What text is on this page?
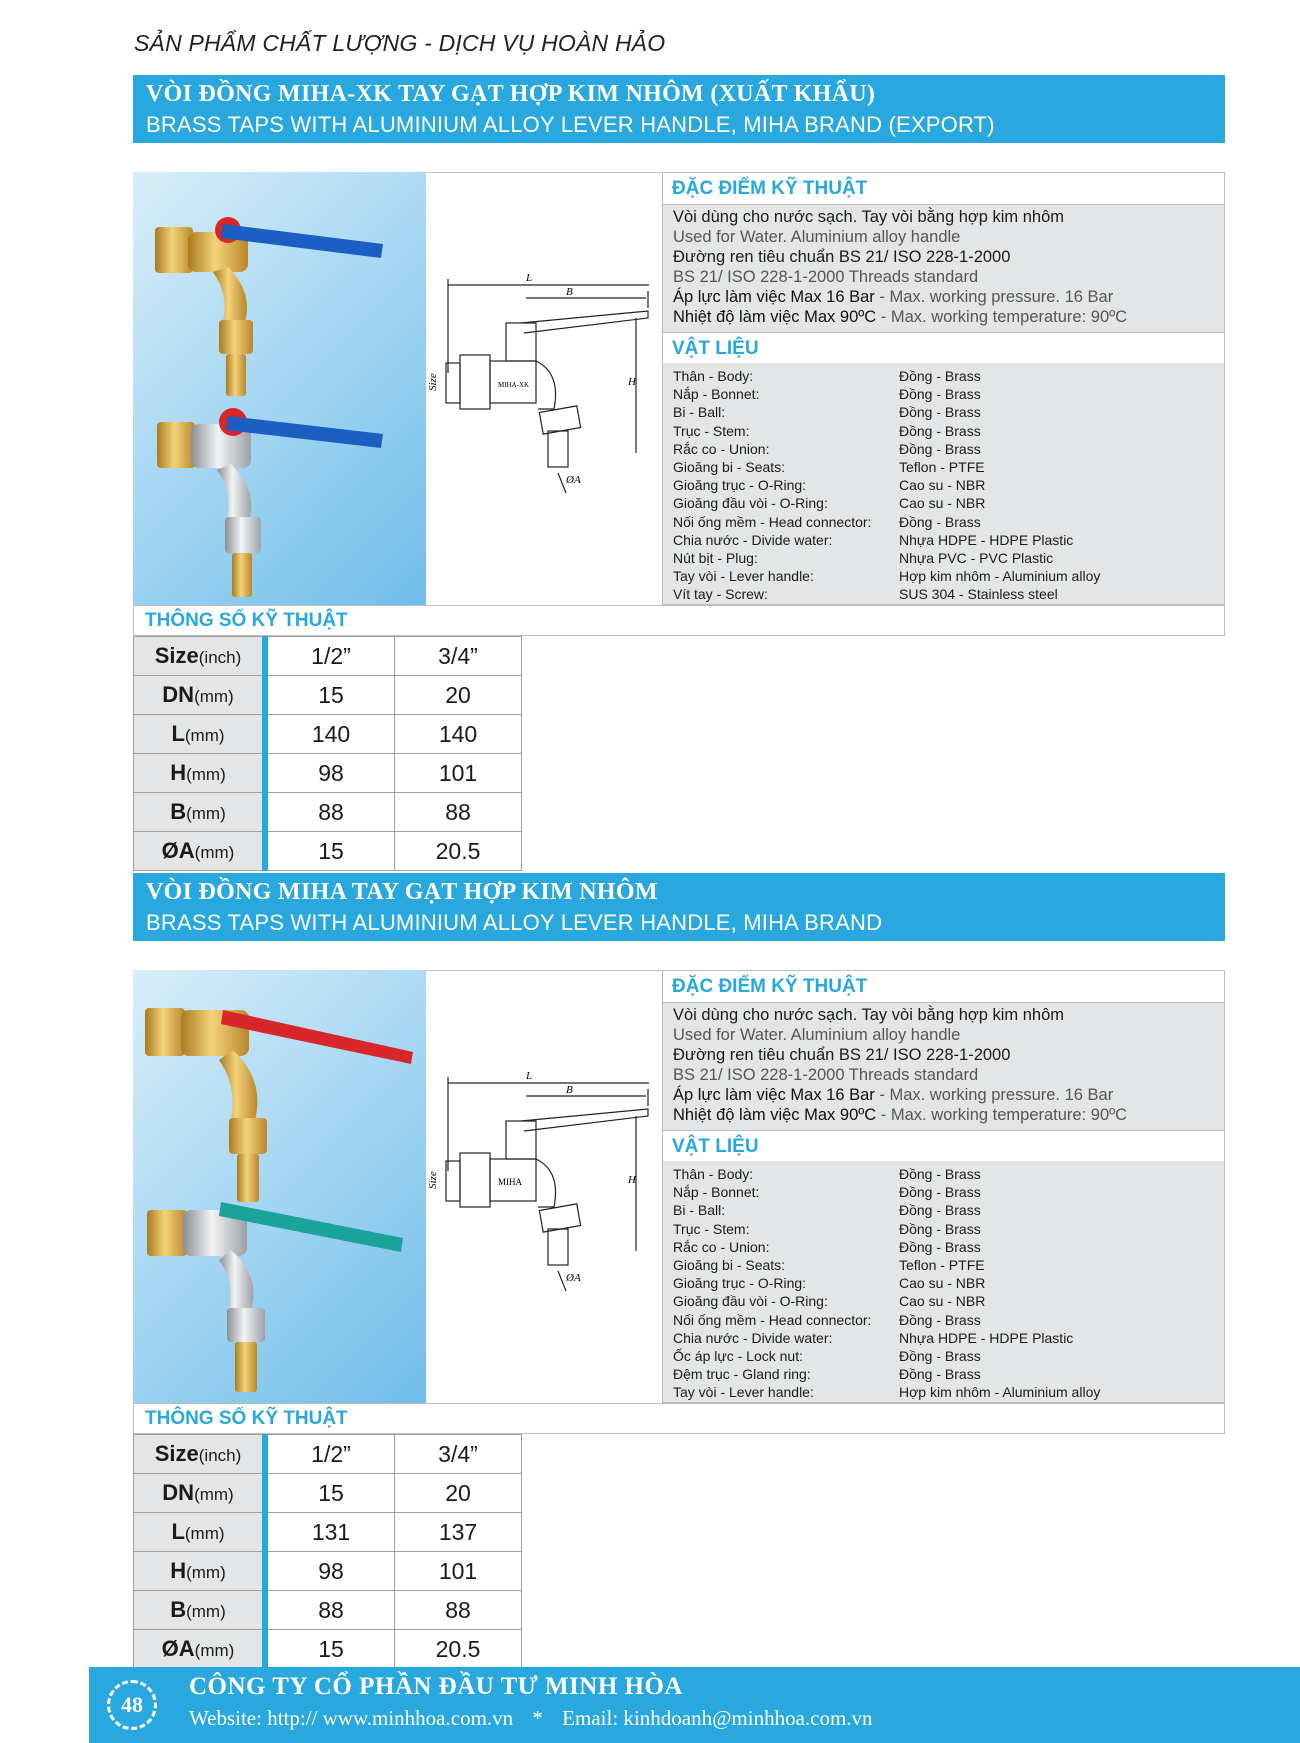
SẢN PHẨM CHẤT LƯỢNG - DỊCH VỤ HOÀN HẢO
VÒI ĐỒNG MIHA-XK TAY GẠT HỢP KIM NHÔM (XUẤT KHẨU)
BRASS TAPS WITH ALUMINIUM ALLOY LEVER HANDLE, MIHA BRAND (EXPORT)
L
B
H
Size
ØA
MIHA-XK
ĐẶC ĐIỂM KỸ THUẬT
Vòi dùng cho nước sạch. Tay vòi bằng hợp kim nhôm
Used for Water. Aluminium alloy handle
Đường ren tiêu chuẩn BS 21/ ISO 228-1-2000
BS 21/ ISO 228-1-2000 Threads standard
Áp lực làm việc Max 16 Bar - Max. working pressure. 16 Bar
Nhiệt độ làm việc Max 90ºC - Max. working temperature: 90ºC
VẬT LIỆU
Thân - Body:	Đồng - Brass
Nắp - Bonnet:	Đồng - Brass
Bi - Ball:	Đồng - Brass
Trục - Stem:	Đồng - Brass
Rắc co - Union:	Đồng - Brass
Gioăng bi - Seats:	Teflon - PTFE
Gioăng trục - O-Ring:	Cao su - NBR
Gioăng đầu vòi - O-Ring:	Cao su - NBR
Nối ống mềm - Head connector:	Đồng - Brass
Chia nước - Divide water:	Nhựa HDPE - HDPE Plastic
Nút bịt - Plug:	Nhựa PVC - PVC Plastic
Tay vòi - Lever handle:	Hợp kim nhôm - Aluminium alloy
Vít tay - Screw:	SUS 304 - Stainless steel
THÔNG SỐ KỸ THUẬT
Size(inch)	1/2”	3/4”
DN(mm)	15	20
L(mm)	140	140
H(mm)	98	101
B(mm)	88	88
ØA(mm)	15	20.5
VÒI ĐỒNG MIHA TAY GẠT HỢP KIM NHÔM
BRASS TAPS WITH ALUMINIUM ALLOY LEVER HANDLE, MIHA BRAND
L
B
H
Size
ØA
MIHA
ĐẶC ĐIỂM KỸ THUẬT
Vòi dùng cho nước sạch. Tay vòi bằng hợp kim nhôm
Used for Water. Aluminium alloy handle
Đường ren tiêu chuẩn BS 21/ ISO 228-1-2000
BS 21/ ISO 228-1-2000 Threads standard
Áp lực làm việc Max 16 Bar - Max. working pressure. 16 Bar
Nhiệt độ làm việc Max 90ºC - Max. working temperature: 90ºC
VẬT LIỆU
Thân - Body:	Đồng - Brass
Nắp - Bonnet:	Đồng - Brass
Bi - Ball:	Đồng - Brass
Trục - Stem:	Đồng - Brass
Rắc co - Union:	Đồng - Brass
Gioăng bi - Seats:	Teflon - PTFE
Gioăng trục - O-Ring:	Cao su - NBR
Gioăng đầu vòi - O-Ring:	Cao su - NBR
Nối ống mềm - Head connector:	Đồng - Brass
Chia nước - Divide water:	Nhựa HDPE - HDPE Plastic
Ốc áp lực - Lock nut:	Đồng - Brass
Đệm trục - Gland ring:	Đồng - Brass
Tay vòi - Lever handle:	Hợp kim nhôm - Aluminium alloy
THÔNG SỐ KỸ THUẬT
Size(inch)	1/2”	3/4”
DN(mm)	15	20
L(mm)	131	137
H(mm)	98	101
B(mm)	88	88
ØA(mm)	15	20.5
48
CÔNG TY CỔ PHẦN ĐẦU TƯ MINH HÒA
Website: http:// www.minhhoa.com.vn * Email: kinhdoanh@minhhoa.com.vn
